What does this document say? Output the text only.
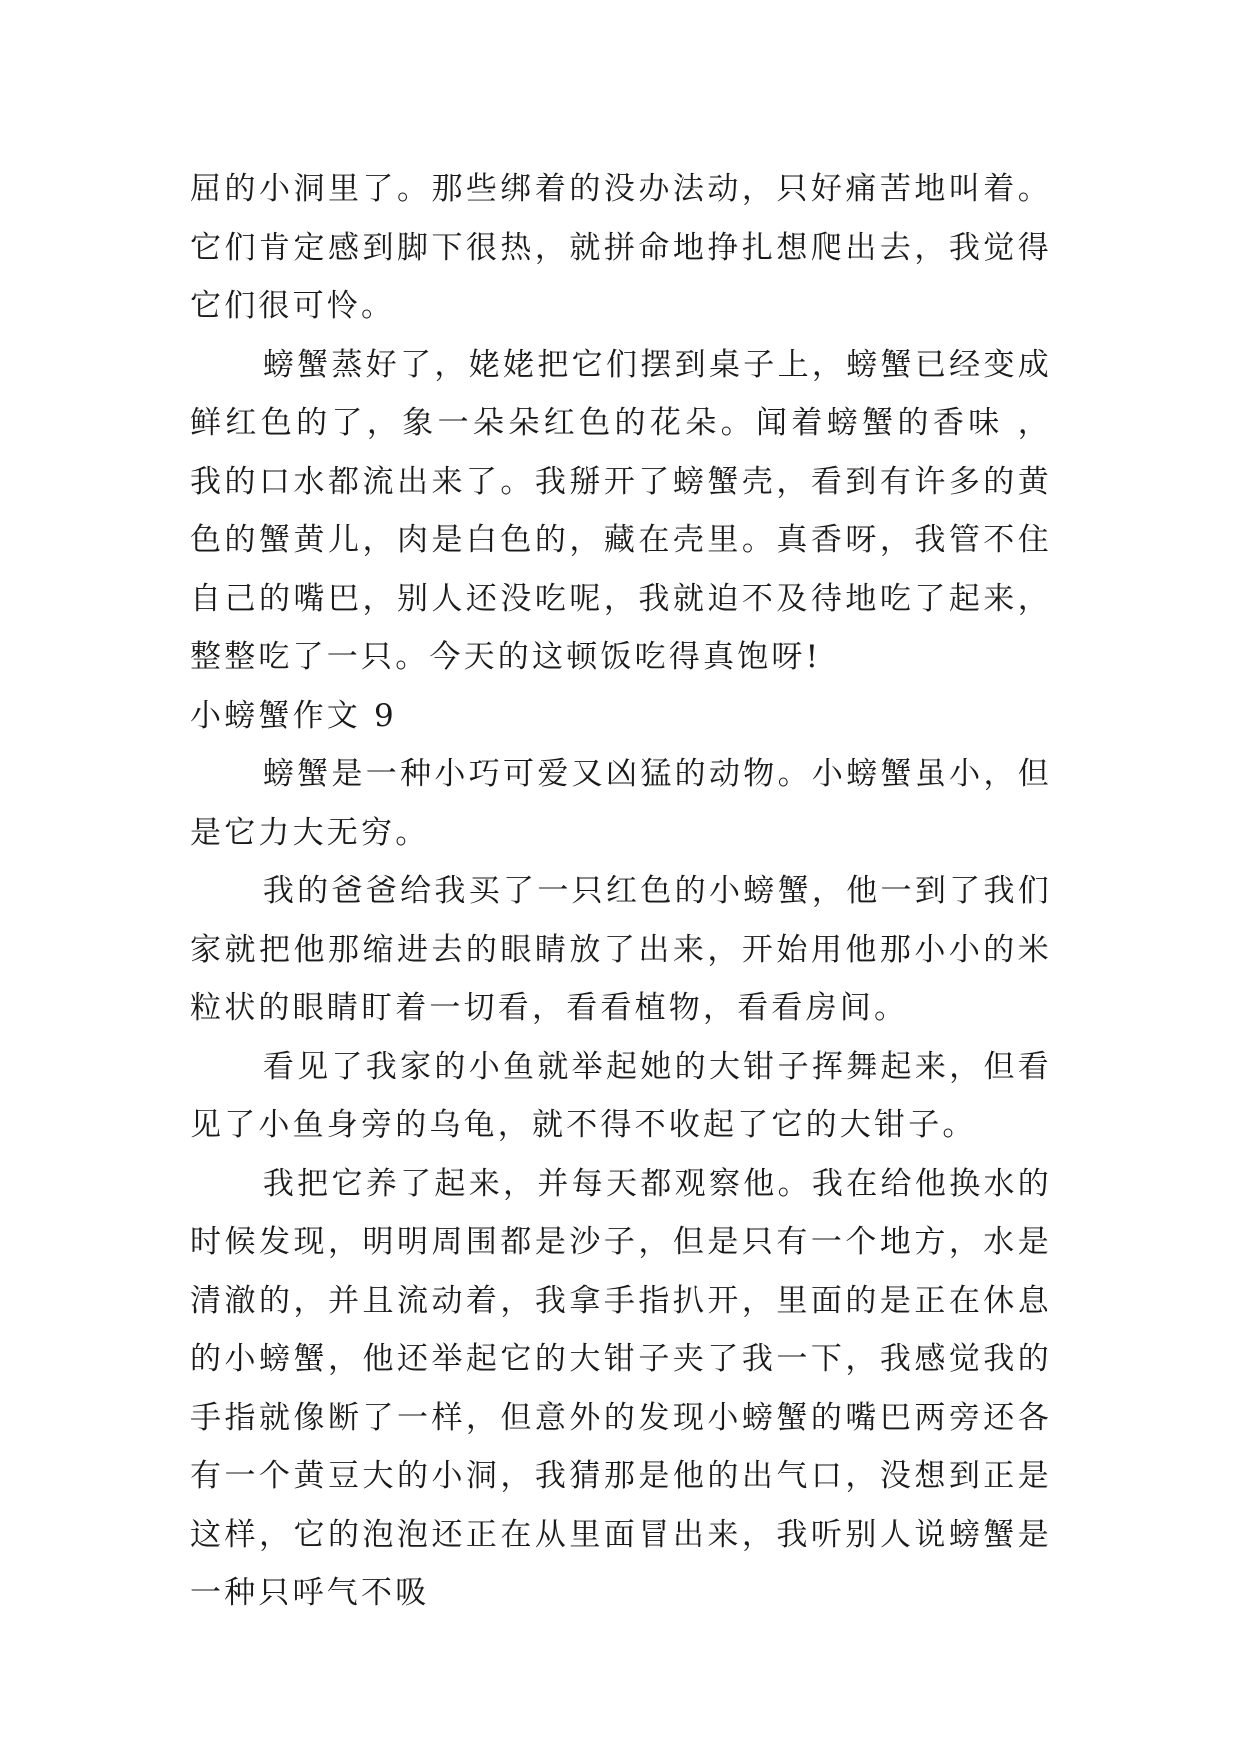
屈的小洞里了。那些绑着的没办法动，只好痛苦地叫着。它们肯定感到脚下很热，就拼命地挣扎想爬出去，我觉得它们很可怜。

螃蟹蒸好了，姥姥把它们摆到桌子上，螃蟹已经变成鲜红色的了，象一朵朵红色的花朵。闻着螃蟹的香味 ，我的口水都流出来了。我掰开了螃蟹壳，看到有许多的黄色的蟹黄儿，肉是白色的，藏在壳里。真香呀，我管不住自己的嘴巴，别人还没吃呢，我就迫不及待地吃了起来，整整吃了一只。今天的这顿饭吃得真饱呀!

小螃蟹作文 9

螃蟹是一种小巧可爱又凶猛的动物。小螃蟹虽小，但是它力大无穷。

我的爸爸给我买了一只红色的小螃蟹，他一到了我们家就把他那缩进去的眼睛放了出来，开始用他那小小的米粒状的眼睛盯着一切看，看看植物，看看房间。

看见了我家的小鱼就举起她的大钳子挥舞起来，但看见了小鱼身旁的乌龟，就不得不收起了它的大钳子。

我把它养了起来，并每天都观察他。我在给他换水的时候发现，明明周围都是沙子，但是只有一个地方，水是清澈的，并且流动着，我拿手指扒开，里面的是正在休息的小螃蟹，他还举起它的大钳子夹了我一下，我感觉我的手指就像断了一样，但意外的发现小螃蟹的嘴巴两旁还各有一个黄豆大的小洞，我猜那是他的出气口，没想到正是这样，它的泡泡还正在从里面冒出来，我听别人说螃蟹是一种只呼气不吸
